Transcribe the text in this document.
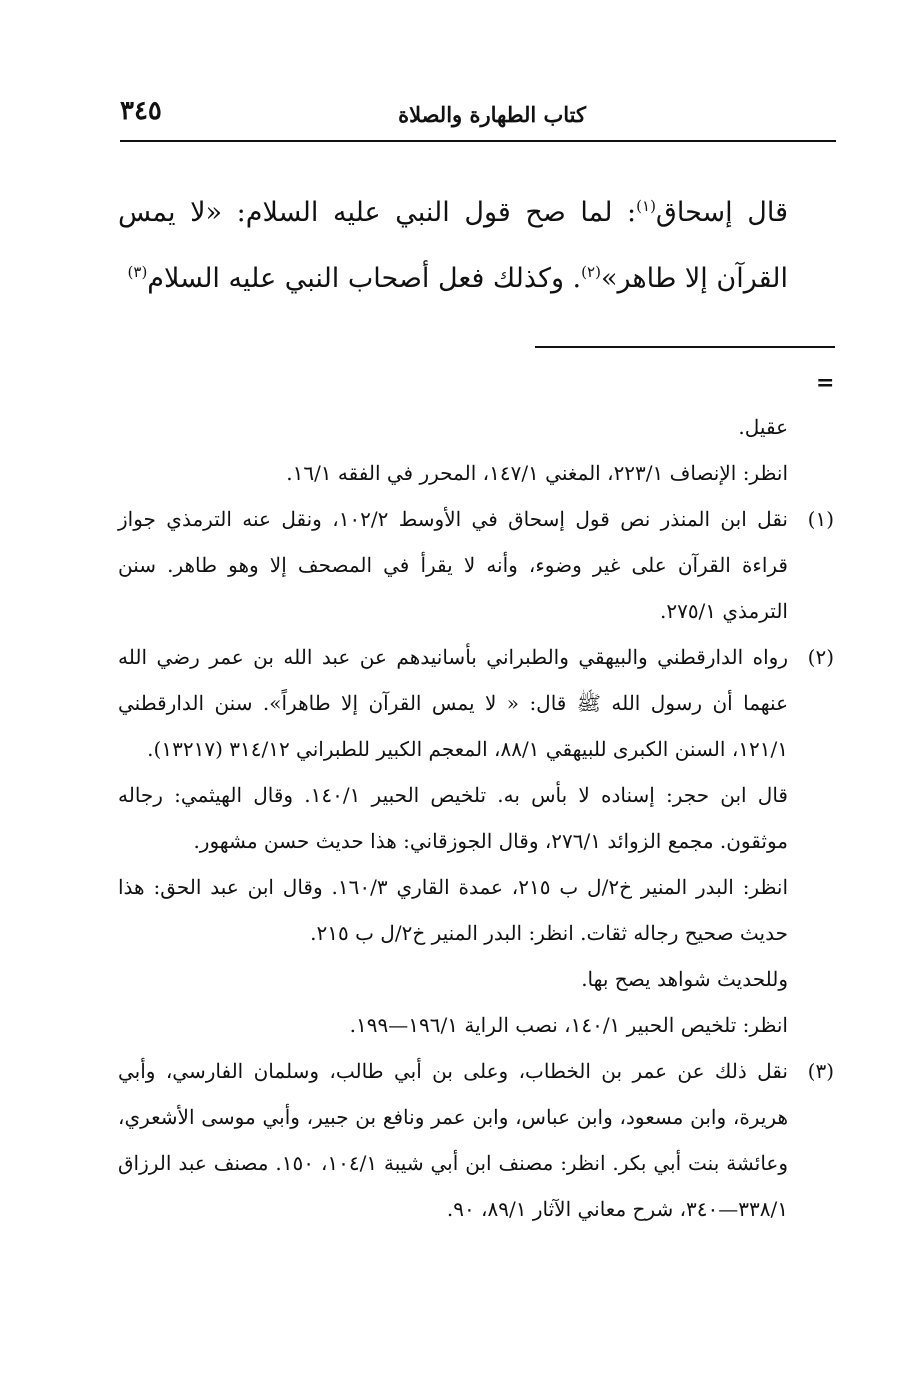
كتاب الطهارة والصلاة
٣٤٥

قال إسحاق$^{(١)}$: لما صح قول النبي عليه السلام: «لا يمس القرآن إلا طاهر»$^{(٢)}$. وكذلك فعل أصحاب النبي عليه السلام$^{(٣)}$

=

عقيل.

انظر: الإنصاف ٢٢٣/١، المغني ١٤٧/١، المحرر في الفقه ١٦/١.

(١)
نقل ابن المنذر نص قول إسحاق في الأوسط ١٠٢/٢، ونقل عنه الترمذي جواز قراءة القرآن على غير وضوء، وأنه لا يقرأ في المصحف إلا وهو طاهر. سنن الترمذي ٢٧٥/١.
(٢)
رواه الدارقطني والبيهقي والطبراني بأسانيدهم عن عبد الله بن عمر رضي الله عنهما أن رسول الله ﷺ قال: « لا يمس القرآن إلا طاهراً». سنن الدارقطني ١٢١/١، السنن الكبرى للبيهقي ٨٨/١، المعجم الكبير للطبراني ٣١٤/١٢ (١٣٢١٧).

قال ابن حجر: إسناده لا بأس به. تلخيص الحبير ١٤٠/١. وقال الهيثمي: رجاله موثقون. مجمع الزوائد ٢٧٦/١، وقال الجوزقاني: هذا حديث حسن مشهور.

انظر: البدر المنير خ٢/ل ب ٢١٥، عمدة القاري ١٦٠/٣. وقال ابن عبد الحق: هذا حديث صحيح رجاله ثقات. انظر: البدر المنير خ٢/ل ب ٢١٥.

وللحديث شواهد يصح بها.

انظر: تلخيص الحبير ١٤٠/١، نصب الراية ١٩٦/١—١٩٩.

(٣)
نقل ذلك عن عمر بن الخطاب، وعلى بن أبي طالب، وسلمان الفارسي، وأبي هريرة، وابن مسعود، وابن عباس، وابن عمر ونافع بن جبير، وأبي موسى الأشعري، وعائشة بنت أبي بكر. انظر: مصنف ابن أبي شيبة ١٠٤/١، ١٥٠. مصنف عبد الرزاق ٣٣٨/١—٣٤٠، شرح معاني الآثار ٨٩/١، ٩٠.
